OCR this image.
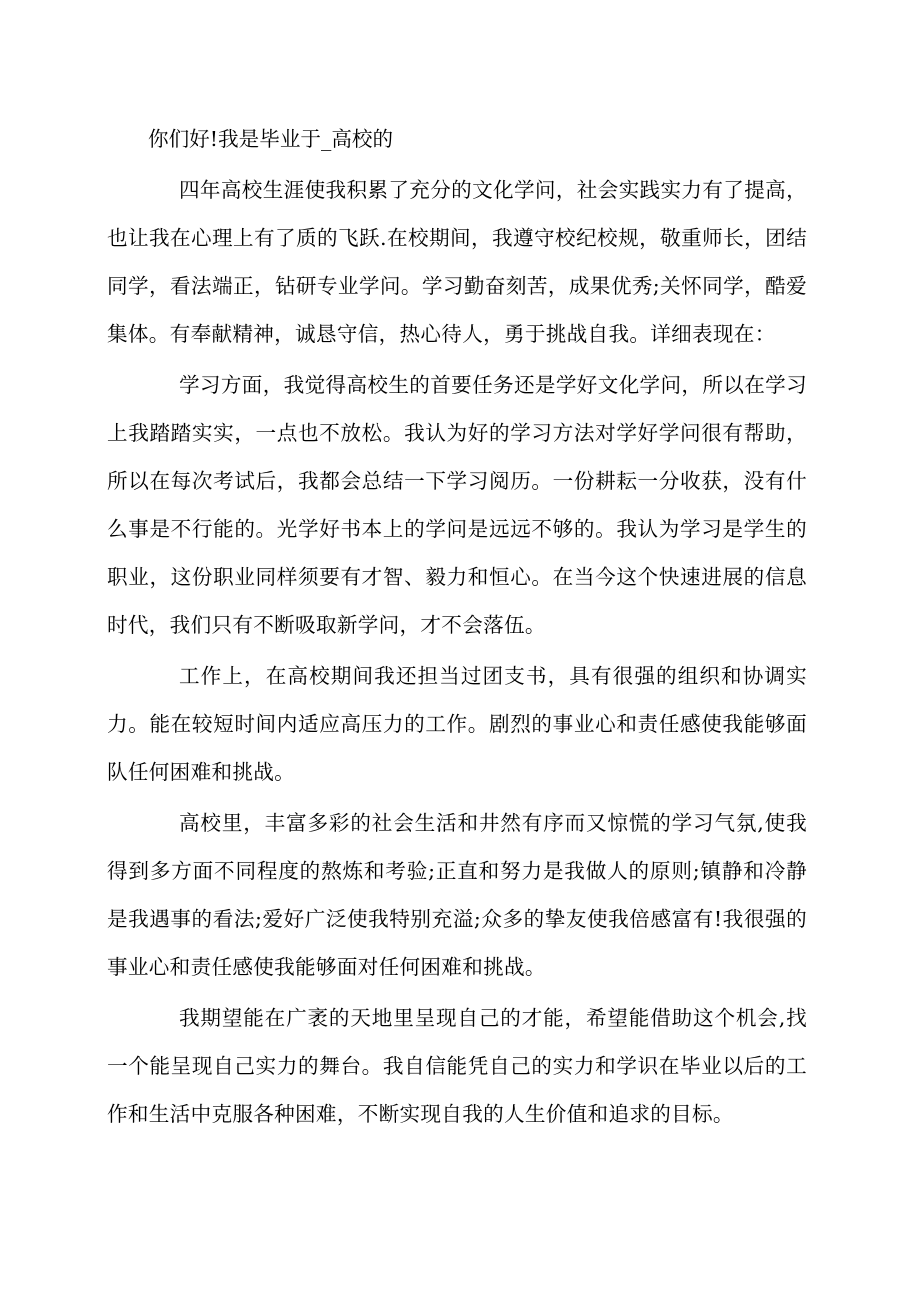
你们好!我是毕业于_高校的

四年高校生涯使我积累了充分的文化学问，社会实践实力有了提高，也让我在心理上有了质的飞跃.在校期间，我遵守校纪校规，敬重师长，团结同学，看法端正，钻研专业学问。学习勤奋刻苦，成果优秀;关怀同学，酷爱集体。有奉献精神，诚恳守信，热心待人，勇于挑战自我。详细表现在：

学习方面，我觉得高校生的首要任务还是学好文化学问，所以在学习上我踏踏实实，一点也不放松。我认为好的学习方法对学好学问很有帮助，所以在每次考试后，我都会总结一下学习阅历。一份耕耘一分收获，没有什么事是不行能的。光学好书本上的学问是远远不够的。我认为学习是学生的职业，这份职业同样须要有才智、毅力和恒心。在当今这个快速进展的信息时代，我们只有不断吸取新学问，才不会落伍。

工作上，在高校期间我还担当过团支书，具有很强的组织和协调实力。能在较短时间内适应高压力的工作。剧烈的事业心和责任感使我能够面队任何困难和挑战。

高校里，丰富多彩的社会生活和井然有序而又惊慌的学习气氛,使我得到多方面不同程度的熬炼和考验;正直和努力是我做人的原则;镇静和冷静是我遇事的看法;爱好广泛使我特别充溢;众多的挚友使我倍感富有!我很强的事业心和责任感使我能够面对任何困难和挑战。

我期望能在广袤的天地里呈现自己的才能，希望能借助这个机会,找一个能呈现自己实力的舞台。我自信能凭自己的实力和学识在毕业以后的工作和生活中克服各种困难，不断实现自我的人生价值和追求的目标。
